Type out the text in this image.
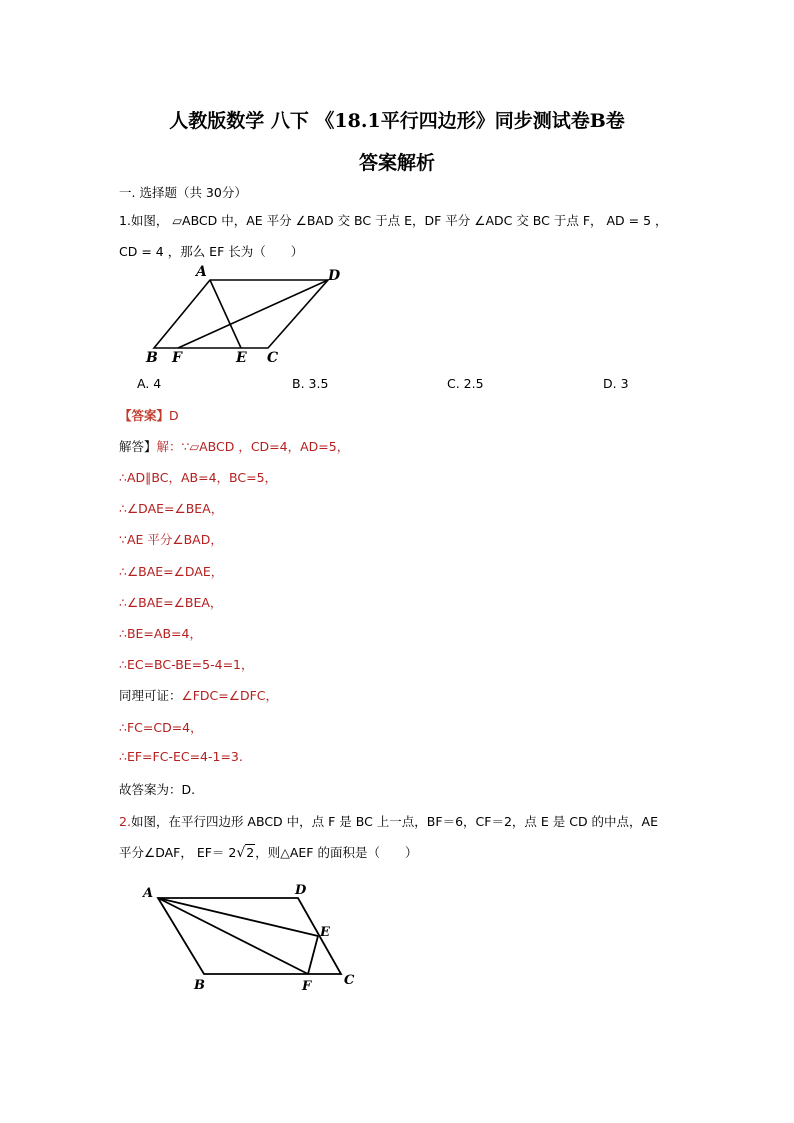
人教版数学 八下 《18.1平行四边形》同步测试卷B卷
答案解析
一. 选择题（共 30分）
1.如图， ▱ABCD 中，AE 平分 ∠BAD 交 BC 于点 E，DF 平分 ∠ADC 交 BC 于点 F， AD = 5 ，
CD = 4 ，那么 EF 长为（　　）
A	D
B F	E C
A. 4	B. 3.5	C. 2.5	D. 3
【答案】D
解答】解：∵▱ABCD ，CD=4，AD=5，
∴AD∥BC，AB=4，BC=5，
∴∠DAE=∠BEA，
∵AE 平分∠BAD，
∴∠BAE=∠DAE，
∴∠BAE=∠BEA，
∴BE=AB=4，
∴EC=BC-BE=5-4=1，
同理可证：∠FDC=∠DFC，
∴FC=CD=4，
∴EF=FC-EC=4-1=3.
故答案为：D.
2.如图，在平行四边形 ABCD 中，点 F 是 BC 上一点，BF＝6，CF＝2，点 E 是 CD 的中点，AE
平分∠DAF， EF＝ 2√2，则△AEF 的面积是（　　）
A	D
E
B	F	C
